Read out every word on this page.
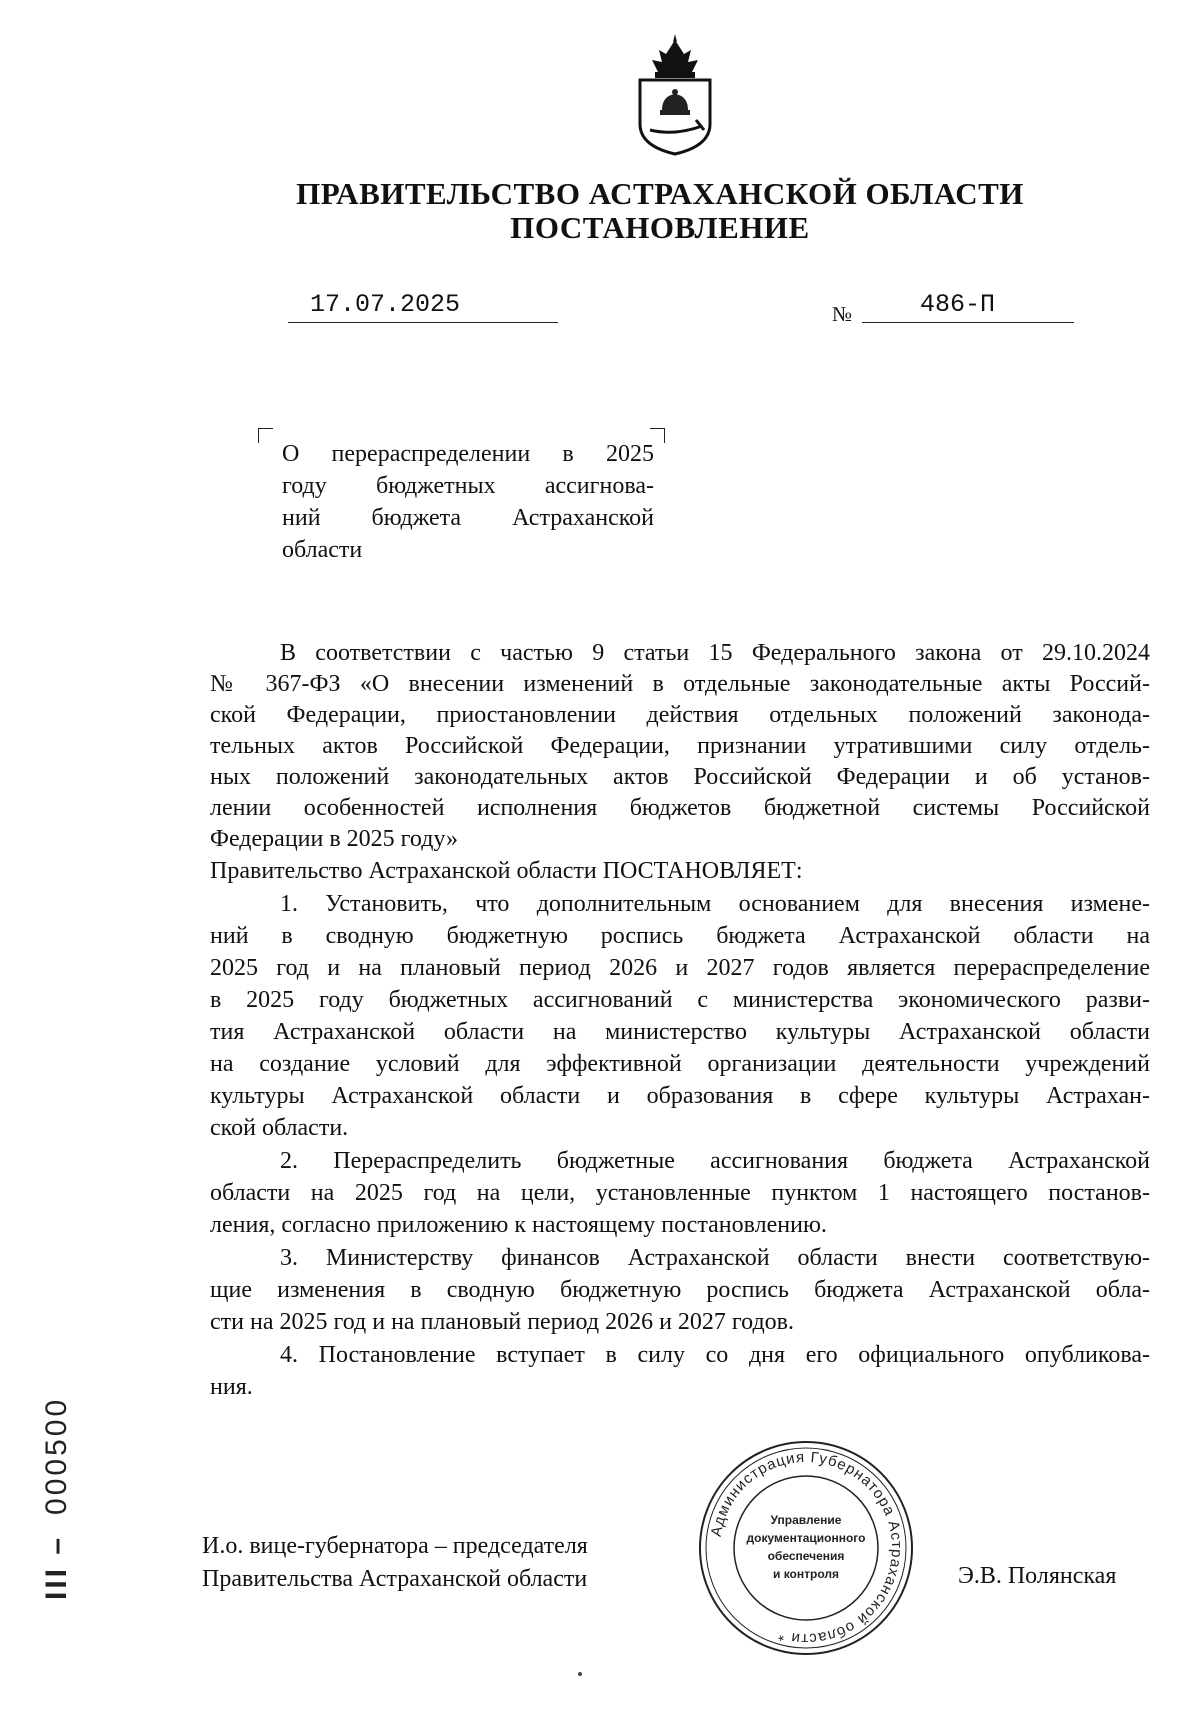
ПРАВИТЕЛЬСТВО АСТРАХАНСКОЙ ОБЛАСТИ
ПОСТАНОВЛЕНИЕ
17.07.2025	№	486-П
О перераспределении в 2025
году бюджетных ассигнова-
ний бюджета Астраханской
области
В соответствии с частью 9 статьи 15 Федерального закона от 29.10.2024
№ 367-ФЗ «О внесении изменений в отдельные законодательные акты Россий-
ской Федерации, приостановлении действия отдельных положений законода-
тельных актов Российской Федерации, признании утратившими силу отдель-
ных положений законодательных актов Российской Федерации и об установ-
лении особенностей исполнения бюджетов бюджетной системы Российской
Федерации в 2025 году»
Правительство Астраханской области ПОСТАНОВЛЯЕТ:
1. Установить, что дополнительным основанием для внесения измене-
ний в сводную бюджетную роспись бюджета Астраханской области на
2025 год и на плановый период 2026 и 2027 годов является перераспределение
в 2025 году бюджетных ассигнований с министерства экономического разви-
тия Астраханской области на министерство культуры Астраханской области
на создание условий для эффективной организации деятельности учреждений
культуры Астраханской области и образования в сфере культуры Астрахан-
ской области.
2. Перераспределить бюджетные ассигнования бюджета Астраханской
области на 2025 год на цели, установленные пунктом 1 настоящего постанов-
ления, согласно приложению к настоящему постановлению.
3. Министерству финансов Астраханской области внести соответствую-
щие изменения в сводную бюджетную роспись бюджета Астраханской обла-
сти на 2025 год и на плановый период 2026 и 2027 годов.
4. Постановление вступает в силу со дня его официального опубликова-
ния.
И.о. вице-губернатора – председателя
Правительства Астраханской области	Э.В. Полянская
Администрация Губернатора Астраханской области *
Управление
документационного
обеспечения
и контроля
III –000500
